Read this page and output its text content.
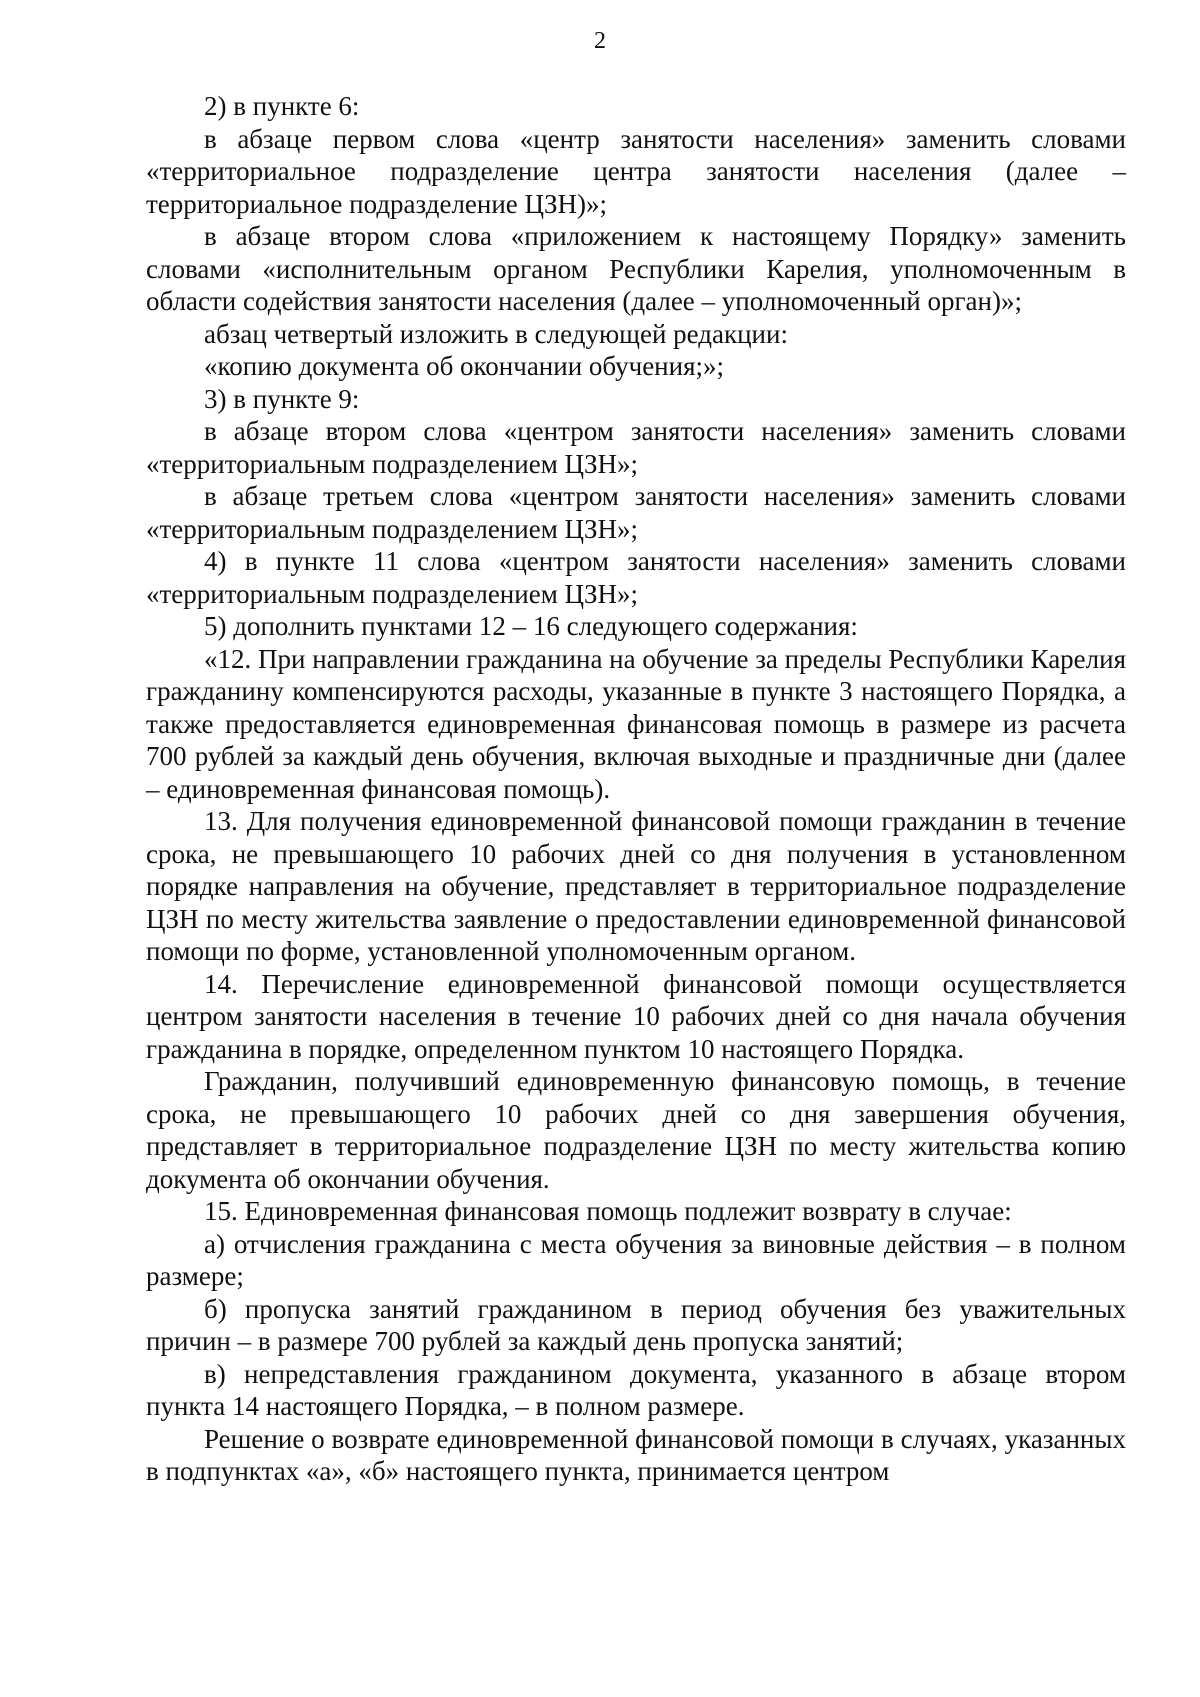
2

2) в пункте 6:

в абзаце первом слова «центр занятости населения» заменить словами «территориальное подразделение центра занятости населения (далее – территориальное подразделение ЦЗН)»;

в абзаце втором слова «приложением к настоящему Порядку» заменить словами «исполнительным органом Республики Карелия, уполномоченным в области содействия занятости населения (далее – уполномоченный орган)»;

абзац четвертый изложить в следующей редакции:

«копию документа об окончании обучения;»;

3) в пункте 9:

в абзаце втором слова «центром занятости населения» заменить словами «территориальным подразделением ЦЗН»;

в абзаце третьем слова «центром занятости населения» заменить словами «территориальным подразделением ЦЗН»;

4) в пункте 11 слова «центром занятости населения» заменить словами «территориальным подразделением ЦЗН»;

5) дополнить пунктами 12 – 16 следующего содержания:

«12. При направлении гражданина на обучение за пределы Республики Карелия гражданину компенсируются расходы, указанные в пункте 3 настоящего Порядка, а также предоставляется единовременная финансовая помощь в размере из расчета 700 рублей за каждый день обучения, включая выходные и праздничные дни (далее – единовременная финансовая помощь).

13. Для получения единовременной финансовой помощи гражданин в течение срока, не превышающего 10 рабочих дней со дня получения в установленном порядке направления на обучение, представляет в территориальное подразделение ЦЗН по месту жительства заявление о предоставлении единовременной финансовой помощи по форме, установленной уполномоченным органом.

14. Перечисление единовременной финансовой помощи осуществляется центром занятости населения в течение 10 рабочих дней со дня начала обучения гражданина в порядке, определенном пунктом 10 настоящего Порядка.

Гражданин, получивший единовременную финансовую помощь, в течение срока, не превышающего 10 рабочих дней со дня завершения обучения, представляет в территориальное подразделение ЦЗН по месту жительства копию документа об окончании обучения.

15. Единовременная финансовая помощь подлежит возврату в случае:

а) отчисления гражданина с места обучения за виновные действия – в полном размере;

б) пропуска занятий гражданином в период обучения без уважительных причин – в размере 700 рублей за каждый день пропуска занятий;

в) непредставления гражданином документа, указанного в абзаце втором пункта 14 настоящего Порядка, – в полном размере.

Решение о возврате единовременной финансовой помощи в случаях, указанных в подпунктах «а», «б» настоящего пункта, принимается центром
